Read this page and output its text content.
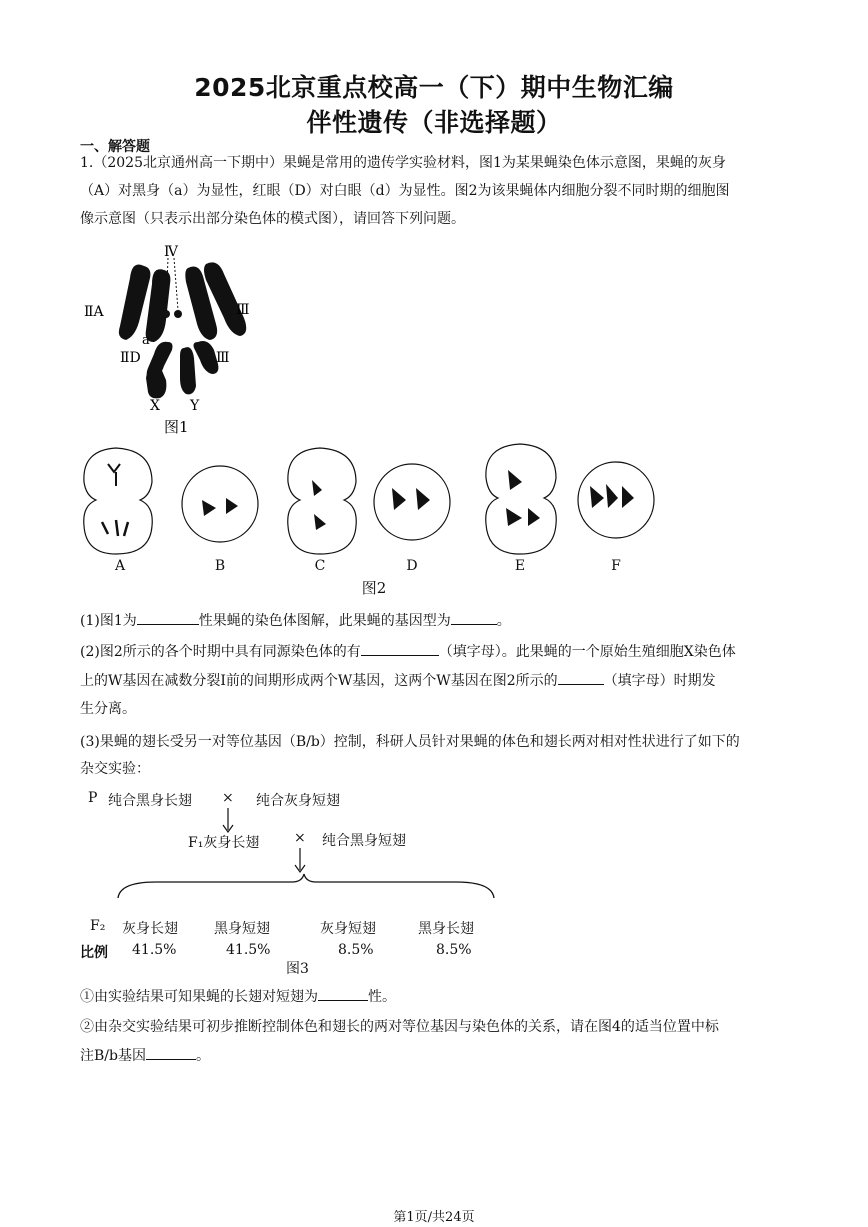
2025北京重点校高一（下）期中生物汇编
伴性遗传（非选择题）
一、解答题
1.（2025北京通州高一下期中）果蝇是常用的遗传学实验材料，图1为某果蝇染色体示意图，果蝇的灰身
（A）对黑身（a）为显性，红眼（D）对白眼（d）为显性。图2为该果蝇体内细胞分裂不同时期的细胞图
像示意图（只表示出部分染色体的模式图），请回答下列问题。
Ⅳ
ⅡA	Ⅲ
a
ⅡD	Ⅲ
X Y
图1
A	B	C	D	E	F
图2
(1)图1为	性果蝇的染色体图解，此果蝇的基因型为	。
(2)图2所示的各个时期中具有同源染色体的有	（填字母）。此果蝇的一个原始生殖细胞X染色体
上的W基因在减数分裂Ⅰ前的间期形成两个W基因，这两个W基因在图2所示的	（填字母）时期发
生分离。
(3)果蝇的翅长受另一对等位基因（B/b）控制，科研人员针对果蝇的体色和翅长两对相对性状进行了如下的
杂交实验：
P 纯合黑身长翅 × 纯合灰身短翅
F₁灰身长翅 × 纯合黑身短翅
F₂ 灰身长翅	黑身短翅	灰身短翅	黑身长翅
比例 41.5%	41.5%	8.5%	8.5%
图3
①由实验结果可知果蝇的长翅对短翅为	性。
②由杂交实验结果可初步推断控制体色和翅长的两对等位基因与染色体的关系，请在图4的适当位置中标
注B/b基因	。
第1页/共24页
